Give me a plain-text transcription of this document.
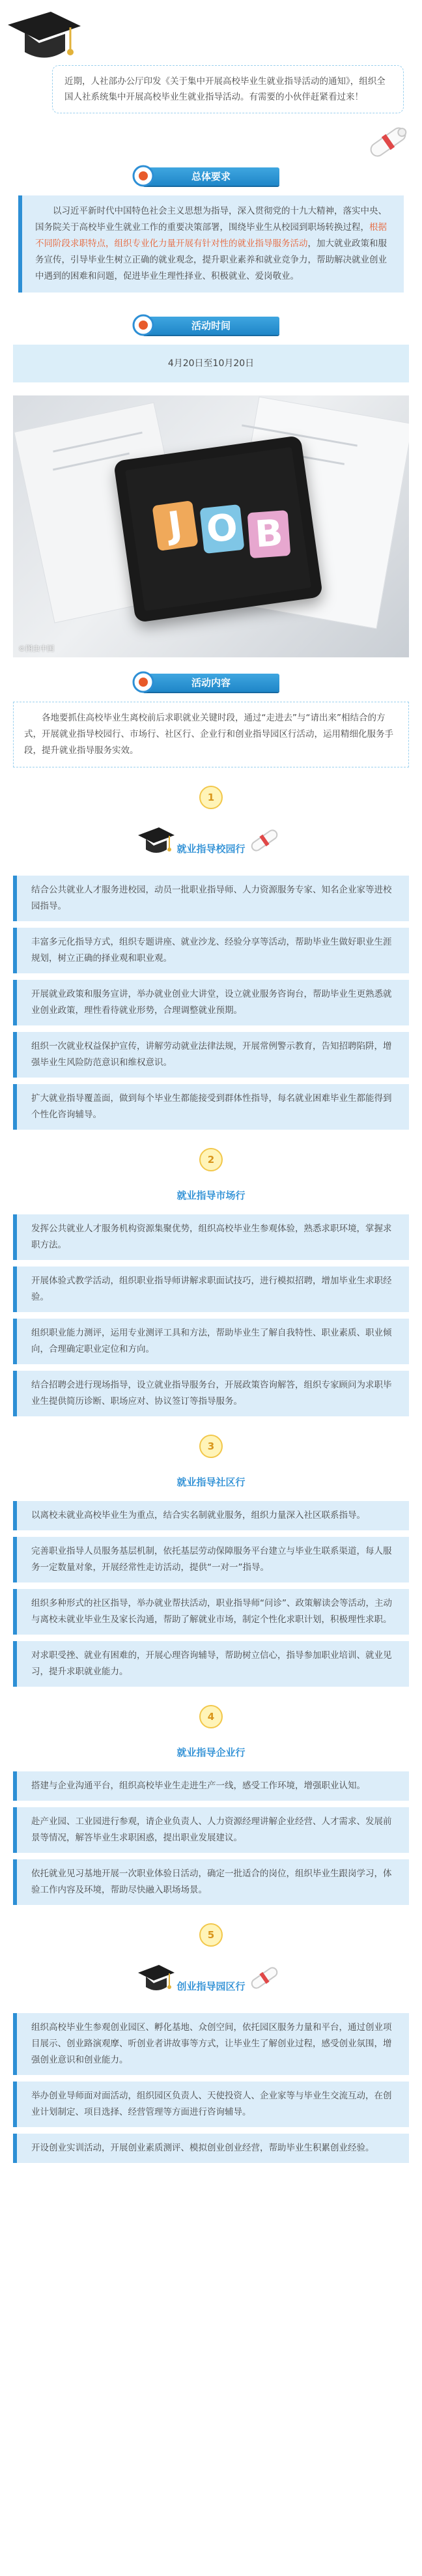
近期，人社部办公厅印发《关于集中开展高校毕业生就业指导活动的通知》，组织全国人社系统集中开展高校毕业生就业指导活动。有需要的小伙伴赶紧看过来！
总体要求
以习近平新时代中国特色社会主义思想为指导，深入贯彻党的十九大精神，落实中央、国务院关于高校毕业生就业工作的重要决策部署，围绕毕业生从校园到职场转换过程，根据不同阶段求职特点，组织专业化力量开展有针对性的就业指导服务活动，加大就业政策和服务宣传，引导毕业生树立正确的就业观念，提升职业素养和就业竞争力，帮助解决就业创业中遇到的困难和问题，促进毕业生理性择业、积极就业、爱岗敬业。
活动时间
4月20日至10月20日
J O B
©图虫中国
活动内容
各地要抓住高校毕业生离校前后求职就业关键时段，通过“走进去”与“请出来”相结合的方式，开展就业指导校园行、市场行、社区行、企业行和创业指导园区行活动，运用精细化服务手段，提升就业指导服务实效。
1
就业指导校园行
结合公共就业人才服务进校园，动员一批职业指导师、人力资源服务专家、知名企业家等进校园指导。
丰富多元化指导方式，组织专题讲座、就业沙龙、经验分享等活动，帮助毕业生做好职业生涯规划，树立正确的择业观和职业观。
开展就业政策和服务宣讲，举办就业创业大讲堂，设立就业服务咨询台，帮助毕业生更熟悉就业创业政策，理性看待就业形势，合理调整就业预期。
组织一次就业权益保护宣传，讲解劳动就业法律法规，开展常例警示教育，告知招聘陷阱，增强毕业生风险防范意识和维权意识。
扩大就业指导覆盖面，做到每个毕业生都能接受到群体性指导，每名就业困难毕业生都能得到个性化咨询辅导。
2
就业指导市场行
发挥公共就业人才服务机构资源集聚优势，组织高校毕业生参观体验，熟悉求职环境，掌握求职方法。
开展体验式教学活动，组织职业指导师讲解求职面试技巧，进行模拟招聘，增加毕业生求职经验。
组织职业能力测评，运用专业测评工具和方法，帮助毕业生了解自我特性、职业素质、职业倾向，合理确定职业定位和方向。
结合招聘会进行现场指导，设立就业指导服务台，开展政策咨询解答，组织专家顾问为求职毕业生提供简历诊断、职场应对、协议签订等指导服务。
3
就业指导社区行
以离校未就业高校毕业生为重点，结合实名制就业服务，组织力量深入社区联系指导。
完善职业指导人员服务基层机制，依托基层劳动保障服务平台建立与毕业生联系渠道，每人服务一定数量对象，开展经常性走访活动，提供“一对一”指导。
组织多种形式的社区指导，举办就业帮扶活动，职业指导师“问诊”、政策解读会等活动，主动与离校未就业毕业生及家长沟通，帮助了解就业市场，制定个性化求职计划，积极理性求职。
对求职受挫、就业有困难的，开展心理咨询辅导，帮助树立信心，指导参加职业培训、就业见习，提升求职就业能力。
4
就业指导企业行
搭建与企业沟通平台，组织高校毕业生走进生产一线，感受工作环境，增强职业认知。
赴产业园、工业园进行参观，请企业负责人、人力资源经理讲解企业经营、人才需求、发展前景等情况，解答毕业生求职困惑，提出职业发展建议。
依托就业见习基地开展一次职业体验日活动，确定一批适合的岗位，组织毕业生跟岗学习，体验工作内容及环境，帮助尽快融入职场场景。
5
创业指导园区行
组织高校毕业生参观创业园区、孵化基地、众创空间，依托园区服务力量和平台，通过创业项目展示、创业路演观摩、听创业者讲故事等方式，让毕业生了解创业过程，感受创业氛围，增强创业意识和创业能力。
举办创业导师面对面活动，组织园区负责人、天使投资人、企业家等与毕业生交流互动，在创业计划制定、项目选择、经营管理等方面进行咨询辅导。
开设创业实训活动，开展创业素质测评、模拟创业创业经营，帮助毕业生积累创业经验。
